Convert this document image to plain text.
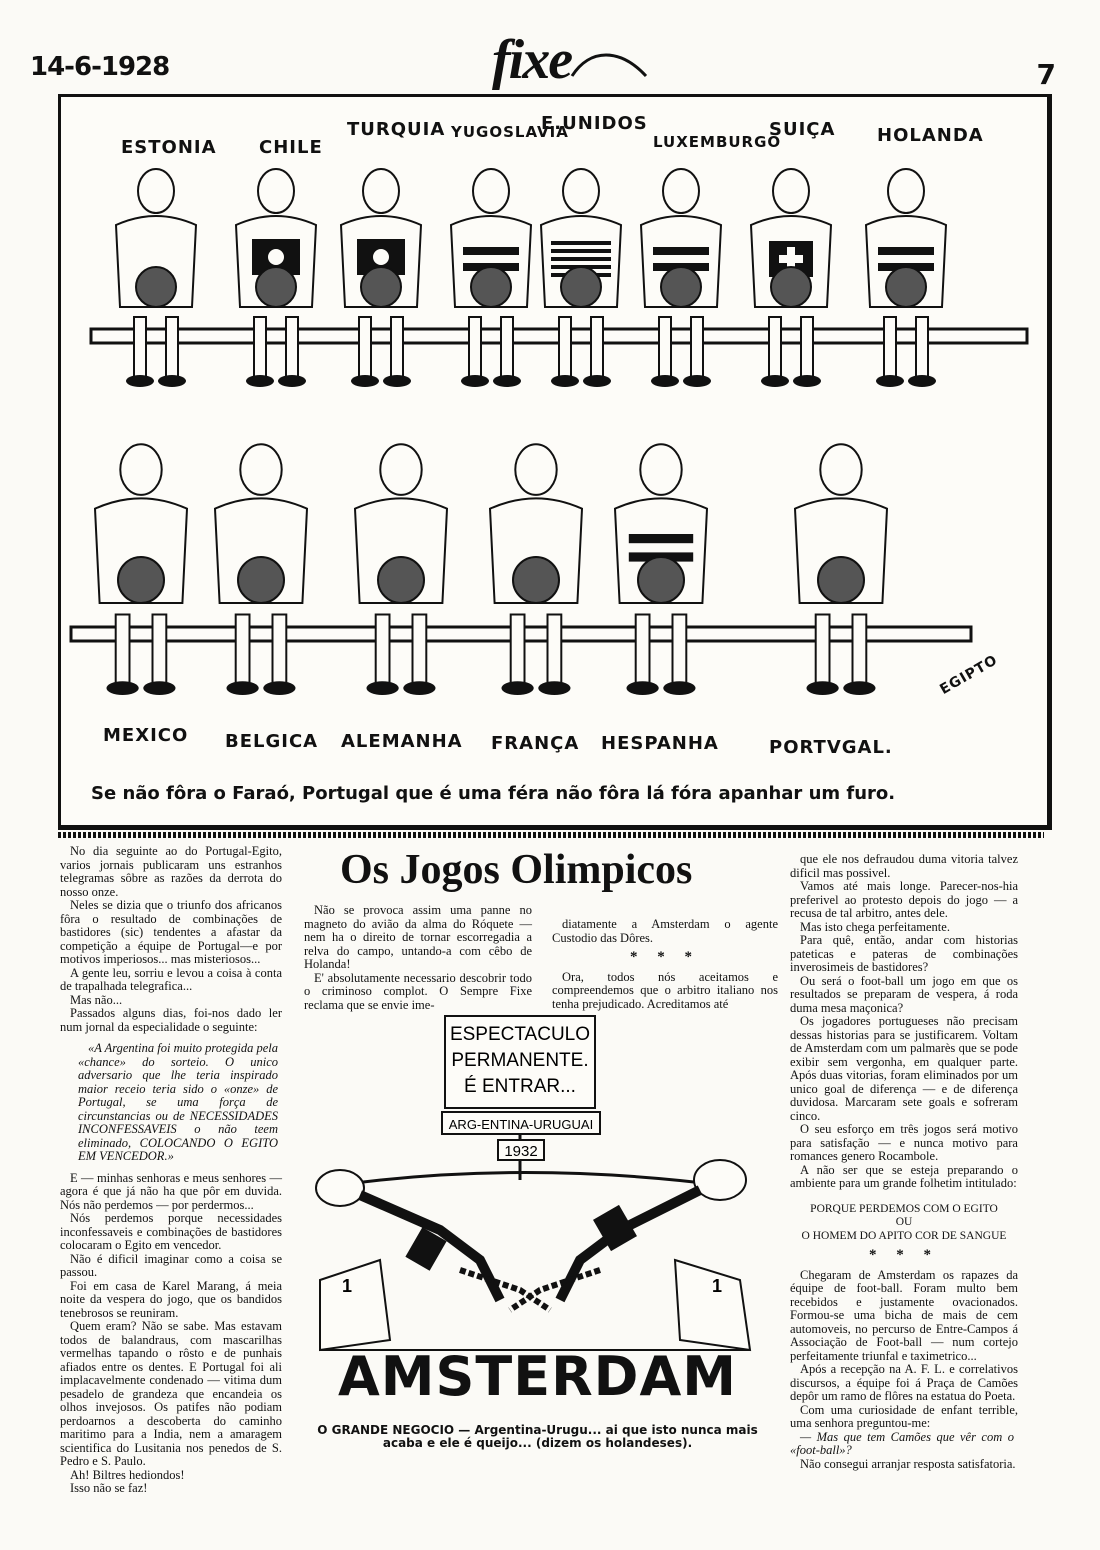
14-6-1928	fixe	7
ESTONIA CHILE
TURQUIA YUGOSLAVIA
E.UNIDOS
LUXEMBURGO
SUIÇA HOLANDA
MEXICO BELGICA ALEMANHA FRANÇA HESPANHA	PORTVGAL.
EGIPTO
Se não fôra o Faraó, Portugal que é uma féra não fôra lá fóra apanhar um furo.

No dia seguinte ao do Portugal-Egito, varios jornais publicaram uns estranhos telegramas sôbre as razões da derrota do nosso onze.

Neles se dizia que o triunfo dos africanos fôra o resultado de combinações de bastidores (sic) tendentes a afastar da competição a équipe de Portugal—e por motivos imperiosos... mas misteriosos...

A gente leu, sorriu e levou a coisa à conta de trapalhada telegrafica...

Mas não...

Passados alguns dias, foi-nos dado ler num jornal da especialidade o seguinte:

«A Argentina foi muito protegida pela «chance» do sorteio. O unico adversario que lhe teria inspirado maior receio teria sido o «onze» de Portugal, se uma força de circunstancias ou de NECESSIDADES INCONFESSAVEIS o não teem eliminado, COLOCANDO O EGITO EM VENCEDOR.»

E — minhas senhoras e meus senhores — agora é que já não ha que pôr em duvida. Nós não perdemos — por perdermos...

Nós perdemos porque necessidades inconfessaveis e combinações de bastidores colocaram o Egito em vencedor.

Não é dificil imaginar como a coisa se passou.

Foi em casa de Karel Marang, á meia noite da vespera do jogo, que os bandidos tenebrosos se reuniram.

Quem eram? Não se sabe. Mas estavam todos de balandraus, com mascarilhas vermelhas tapando o rôsto e de punhais afiados entre os dentes. E Portugal foi ali implacavelmente condenado — vitima dum pesadelo de grandeza que encandeia os olhos invejosos. Os patifes não podiam perdoarnos a descoberta do caminho maritimo para a India, nem a amaragem scientifica do Lusitania nos penedos de S. Pedro e S. Paulo.

Ah! Biltres hediondos!

Isso não se faz!

Os Jogos Olimpicos

Não se provoca assim uma panne no magneto do avião da alma do Róquete — nem ha o direito de tornar escorregadia a relva do campo, untando-a com cêbo de Holanda!

E' absolutamente necessario descobrir todo o criminoso complot. O Sempre Fixe reclama que se envie ime-

diatamente a Amsterdam o agente Custodio das Dôres.

* * *

Ora, todos nós aceitamos e compreendemos que o arbitro italiano nos tenha prejudicado. Acreditamos até

ESPECTACULO
PERMANENTE.
É ENTRAR...
ARG-ENTINA-URUGUAI
1932
1	1
AMSTERDAM
O GRANDE NEGOCIO — Argentina-Urugu... ai que isto nunca mais acaba e ele é queijo... (dizem os holandeses).

que ele nos defraudou duma vitoria talvez dificil mas possivel.

Vamos até mais longe. Parecer-nos-hia preferivel ao protesto depois do jogo — a recusa de tal arbitro, antes dele.

Mas isto chega perfeitamente.

Para quê, então, andar com historias pateticas e pateras de combinações inverosimeis de bastidores?

Ou será o foot-ball um jogo em que os resultados se preparam de vespera, á roda duma mesa maçonica?

Os jogadores portugueses não precisam dessas historias para se justificarem. Voltam de Amsterdam com um palmarès que se pode exibir sem vergonha, em qualquer parte. Após duas vitorias, foram eliminados por um unico goal de diferença — e de diferença duvidosa. Marcaram sete goals e sofreram cinco.

O seu esforço em três jogos será motivo para satisfação — e nunca motivo para romances genero Rocambole.

A não ser que se esteja preparando o ambiente para um grande folhetim intitulado:

PORQUE PERDEMOS COM O EGITO

OU

O HOMEM DO APITO COR DE SANGUE

* * *

Chegaram de Amsterdam os rapazes da équipe de foot-ball. Foram multo bem recebidos e justamente ovacionados. Formou-se uma bicha de mais de cem automoveis, no percurso de Entre-Campos á Associação de Foot-ball — num cortejo perfeitamente triunfal e taximetrico...

Após a recepção na A. F. L. e correlativos discursos, a équipe foi á Praça de Camões depôr um ramo de flôres na estatua do Poeta.

Com uma curiosidade de enfant terrible, uma senhora preguntou-me:

— Mas que tem Camões que vêr com o «foot-ball»?

Não consegui arranjar resposta satisfatoria.
